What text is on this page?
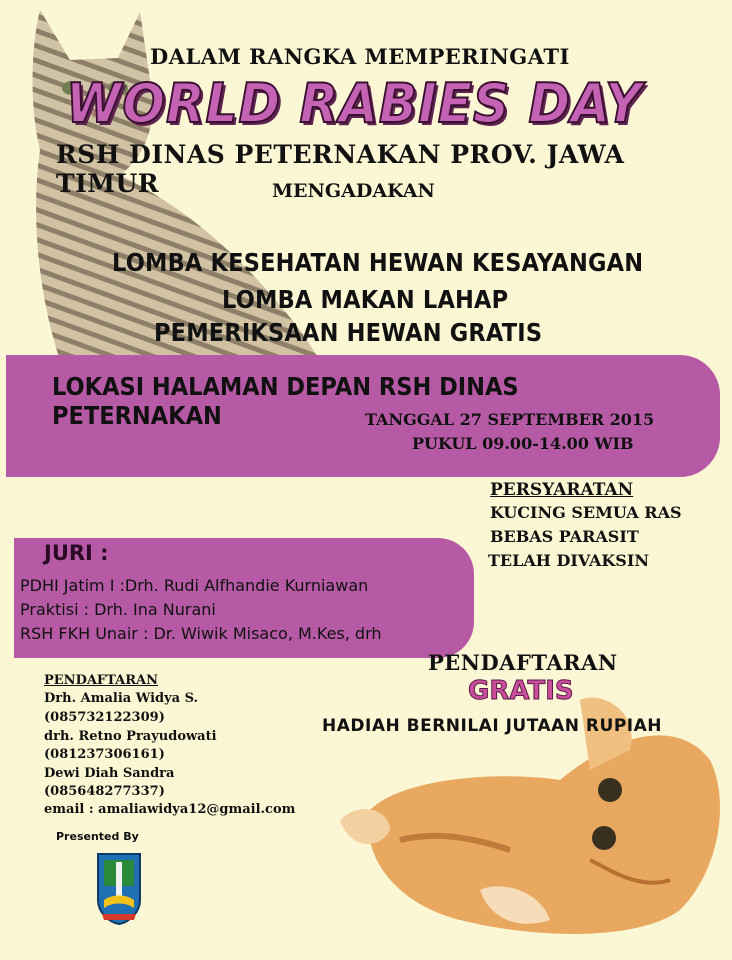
DALAM RANGKA MEMPERINGATI
WORLD RABIES DAY
RSH DINAS PETERNAKAN PROV. JAWA TIMUR	MENGADAKAN
LOMBA KESEHATAN HEWAN KESAYANGAN
LOMBA MAKAN LAHAP
PEMERIKSAAN HEWAN GRATIS
LOKASI HALAMAN DEPAN RSH DINAS PETERNAKAN	TANGGAL 27 SEPTEMBER 2015
PUKUL 09.00-14.00 WIB
PERSYARATAN
KUCING SEMUA RAS
BEBAS PARASIT
TELAH DIVAKSIN
JURI :
PDHI Jatim I :Drh. Rudi Alfhandie Kurniawan
Praktisi : Drh. Ina Nurani
RSH FKH Unair : Dr. Wiwik Misaco, M.Kes, drh
PENDAFTARAN
Drh. Amalia Widya S.
(085732122309)
drh. Retno Prayudowati
(081237306161)
Dewi Diah Sandra
(085648277337)
email : amaliawidya12@gmail.com
PENDAFTARAN
GRATIS
HADIAH BERNILAI JUTAAN RUPIAH
Presented By
